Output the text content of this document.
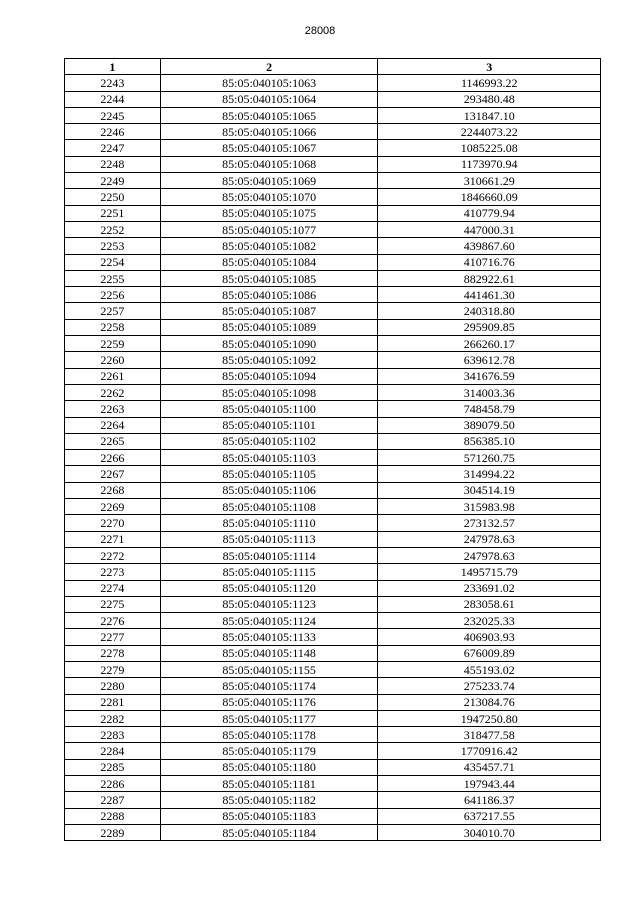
28008
1	2	3
2243	85:05:040105:1063	1146993.22
2244	85:05:040105:1064	293480.48
2245	85:05:040105:1065	131847.10
2246	85:05:040105:1066	2244073.22
2247	85:05:040105:1067	1085225.08
2248	85:05:040105:1068	1173970.94
2249	85:05:040105:1069	310661.29
2250	85:05:040105:1070	1846660.09
2251	85:05:040105:1075	410779.94
2252	85:05:040105:1077	447000.31
2253	85:05:040105:1082	439867.60
2254	85:05:040105:1084	410716.76
2255	85:05:040105:1085	882922.61
2256	85:05:040105:1086	441461.30
2257	85:05:040105:1087	240318.80
2258	85:05:040105:1089	295909.85
2259	85:05:040105:1090	266260.17
2260	85:05:040105:1092	639612.78
2261	85:05:040105:1094	341676.59
2262	85:05:040105:1098	314003.36
2263	85:05:040105:1100	748458.79
2264	85:05:040105:1101	389079.50
2265	85:05:040105:1102	856385.10
2266	85:05:040105:1103	571260.75
2267	85:05:040105:1105	314994.22
2268	85:05:040105:1106	304514.19
2269	85:05:040105:1108	315983.98
2270	85:05:040105:1110	273132.57
2271	85:05:040105:1113	247978.63
2272	85:05:040105:1114	247978.63
2273	85:05:040105:1115	1495715.79
2274	85:05:040105:1120	233691.02
2275	85:05:040105:1123	283058.61
2276	85:05:040105:1124	232025.33
2277	85:05:040105:1133	406903.93
2278	85:05:040105:1148	676009.89
2279	85:05:040105:1155	455193.02
2280	85:05:040105:1174	275233.74
2281	85:05:040105:1176	213084.76
2282	85:05:040105:1177	1947250.80
2283	85:05:040105:1178	318477.58
2284	85:05:040105:1179	1770916.42
2285	85:05:040105:1180	435457.71
2286	85:05:040105:1181	197943.44
2287	85:05:040105:1182	641186.37
2288	85:05:040105:1183	637217.55
2289	85:05:040105:1184	304010.70
